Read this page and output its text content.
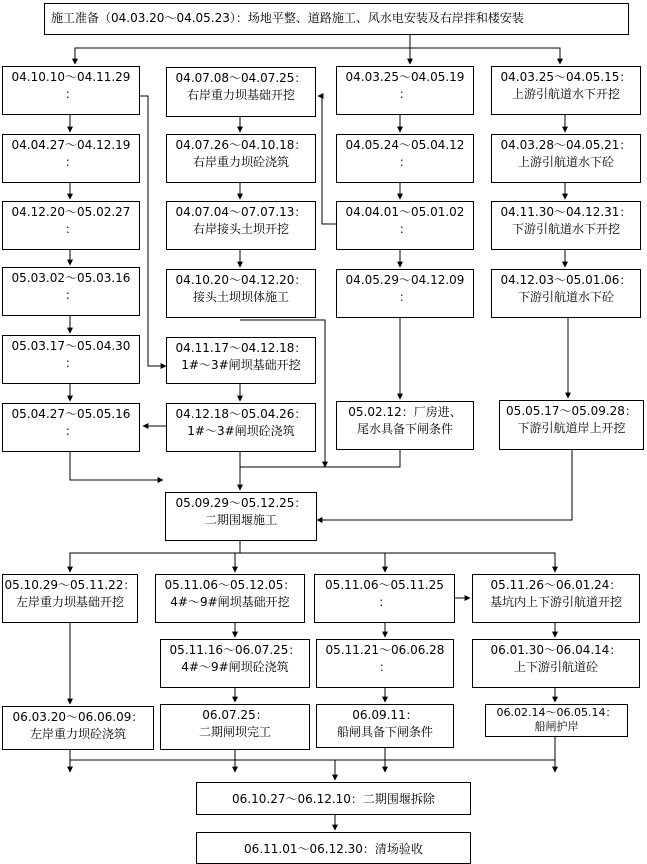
施工准备（04.03.20～04.05.23）：场地平整、道路施工、风水电安装及右岸拌和楼安装
04.10.10～04.11.29
：
04.04.27～04.12.19
：
04.12.20～05.02.27
：
05.03.02～05.03.16
：
05.03.17～05.04.30
：
05.04.27～05.05.16
：
04.07.08～04.07.25：
右岸重力坝基础开挖
04.07.26～04.10.18：
右岸重力坝砼浇筑
04.07.04～07.07.13：
右岸接头土坝开挖
04.10.20～04.12.20：
接头土坝坝体施工
04.11.17～04.12.18：
1#～3#闸坝基础开挖
04.12.18～05.04.26：
1#～3#闸坝砼浇筑
04.03.25～04.05.19
：
04.05.24～05.04.12
：
04.04.01～05.01.02
：
04.05.29～04.12.09
：
05.02.12：厂房进、
尾水具备下闸条件
04.03.25～04.05.15：
上游引航道水下开挖
04.03.28～04.05.21：
上游引航道水下砼
04.11.30～04.12.31：
下游引航道水下开挖
04.12.03～05.01.06：
下游引航道水下砼
05.05.17～05.09.28：
下游引航道岸上开挖
05.09.29～05.12.25：
二期围堰施工
05.10.29～05.11.22：
左岸重力坝基础开挖
06.03.20～06.06.09：
左岸重力坝砼浇筑
05.11.06～05.12.05：
4#～9#闸坝基础开挖
05.11.16～06.07.25：
4#～9#闸坝砼浇筑
06.07.25：
二期闸坝完工
05.11.06～05.11.25
：
05.11.21～06.06.28
：
06.09.11：
船闸具备下闸条件
05.11.26～06.01.24：
基坑内上下游引航道开挖
06.01.30～06.04.14：
上下游引航道砼
06.02.14～06.05.14：
船闸护岸
06.10.27～06.12.10：二期围堰拆除
06.11.01～06.12.30：清场验收
